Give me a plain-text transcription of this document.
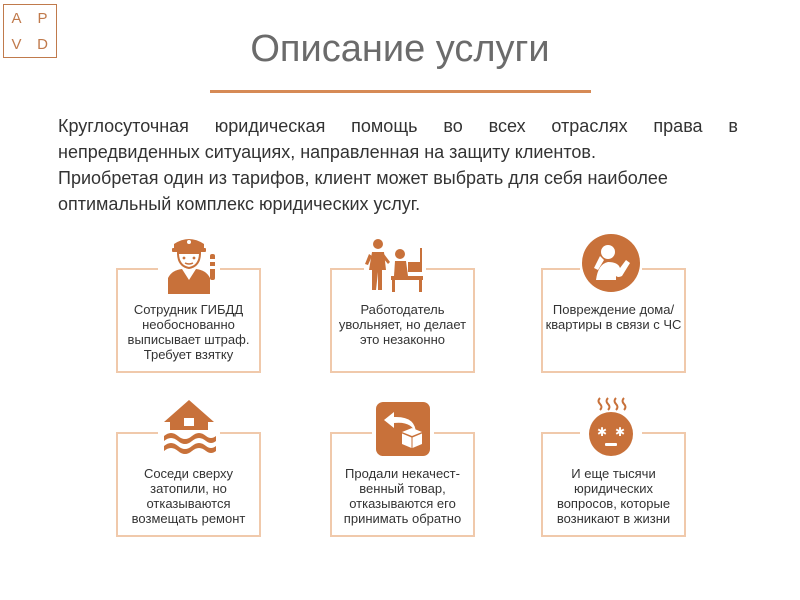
A P
V D	Описание услуги

Круглосуточная юридическая помощь во всех отраслях права в
непредвиденных ситуациях, направленная на защиту клиентов.
Приобретая один из тарифов, клиент может выбрать для себя наиболее
оптимальный комплекс юридических услуг.

Сотрудник ГИБДД необоснованно выписывает штраф. Требует взятку
Работодатель увольняет, но делает это незаконно
Повреждение дома/квартиры в связи с ЧС
Соседи сверху затопили, но отказываются возмещать ремонт
Продали некачест-венный товар, отказываются его принимать обратно
И еще тысячи юридических вопросов, которые возникают в жизни
✱ ✱
